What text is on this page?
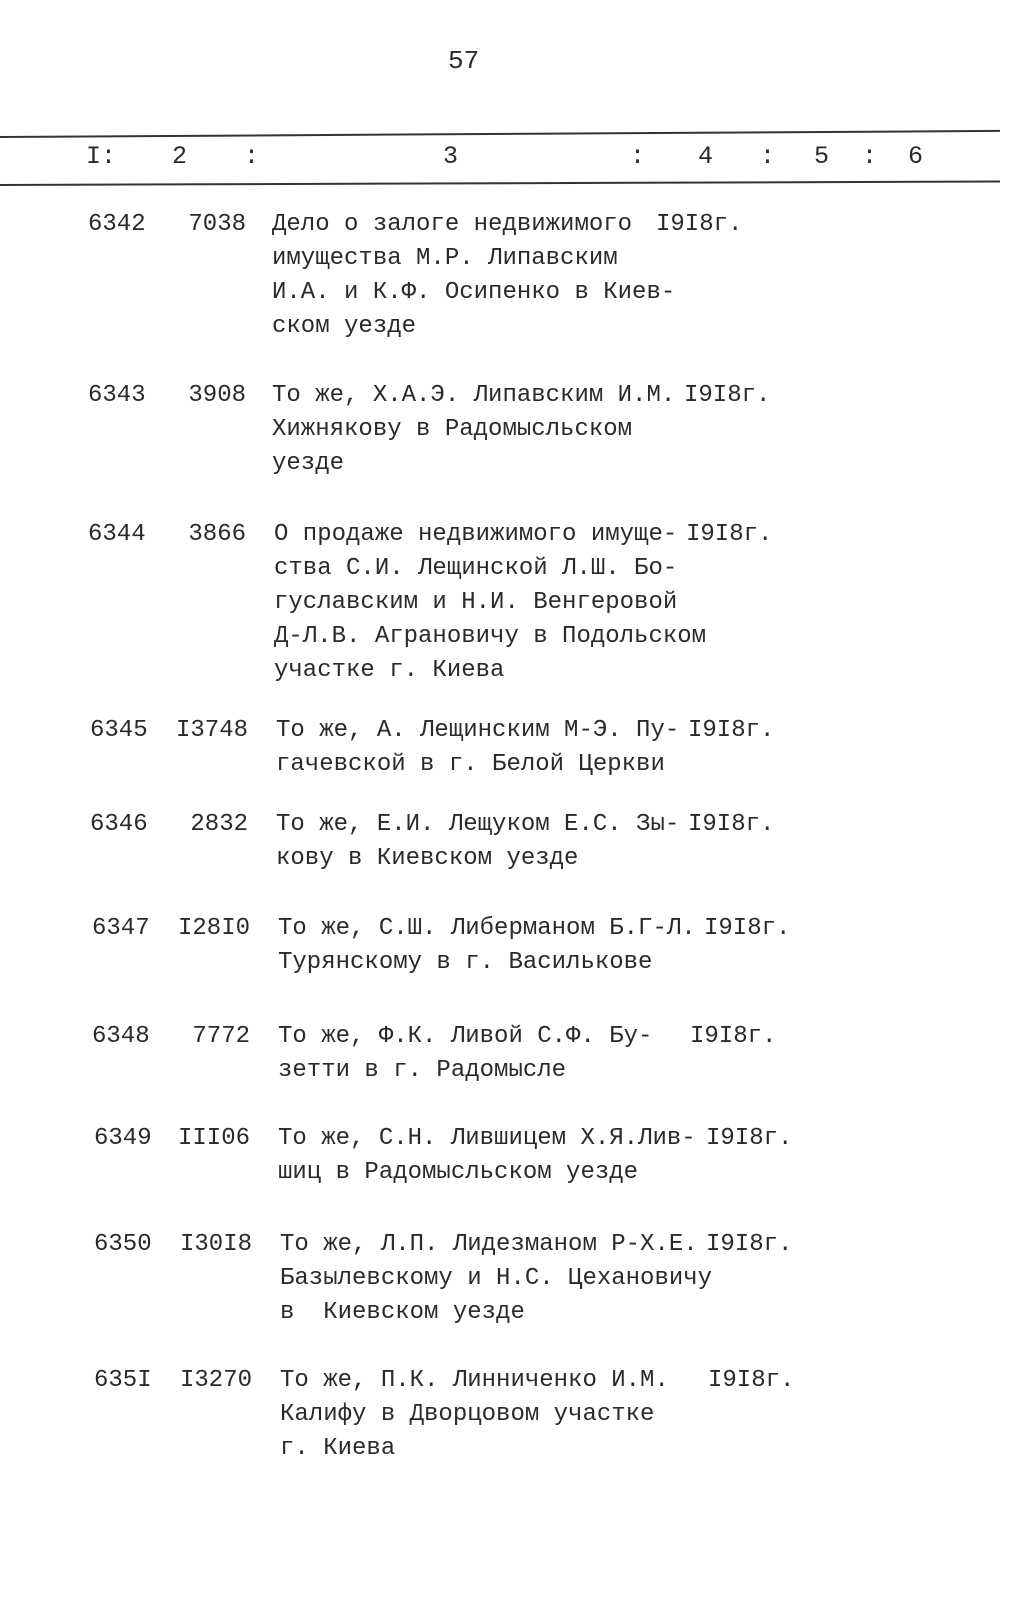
57
I: 2 :	3	: 4 : 5 : 6
6342	7038 Дело о залоге недвижимого
имущества М.Р. Липавским
И.А. и К.Ф. Осипенко в Киев-
ском уезде
I9I8г.
6343	3908 То же, Х.А.Э. Липавским И.М.
Хижнякову в Радомысльском
уезде
I9I8г.
6344	3866 О продаже недвижимого имуще-
ства С.И. Лещинской Л.Ш. Бо-
гуславским и Н.И. Венгеровой
Д-Л.В. Аграновичу в Подольском
участке г. Киева
I9I8г.
6345	I3748 То же, А. Лещинским М-Э. Пу-
гачевской в г. Белой Церкви
I9I8г.
6346	2832 То же, Е.И. Лещуком Е.С. Зы-
кову в Киевском уезде
I9I8г.
6347	I28I0 То же, С.Ш. Либерманом Б.Г-Л.
Турянскому в г. Василькове
I9I8г.
6348	7772 То же, Ф.К. Ливой С.Ф. Бу-
зетти в г. Радомысле
I9I8г.
6349	III06 То же, С.Н. Лившицем Х.Я.Лив-
шиц в Радомысльском уезде
I9I8г.
6350	I30I8 То же, Л.П. Лидезманом Р-Х.Е.
Базылевскому и Н.С. Цехановичу
в  Киевском уезде
I9I8г.
635I	I3270 То же, П.К. Линниченко И.М.
Калифу в Дворцовом участке
г. Киева
I9I8г.
